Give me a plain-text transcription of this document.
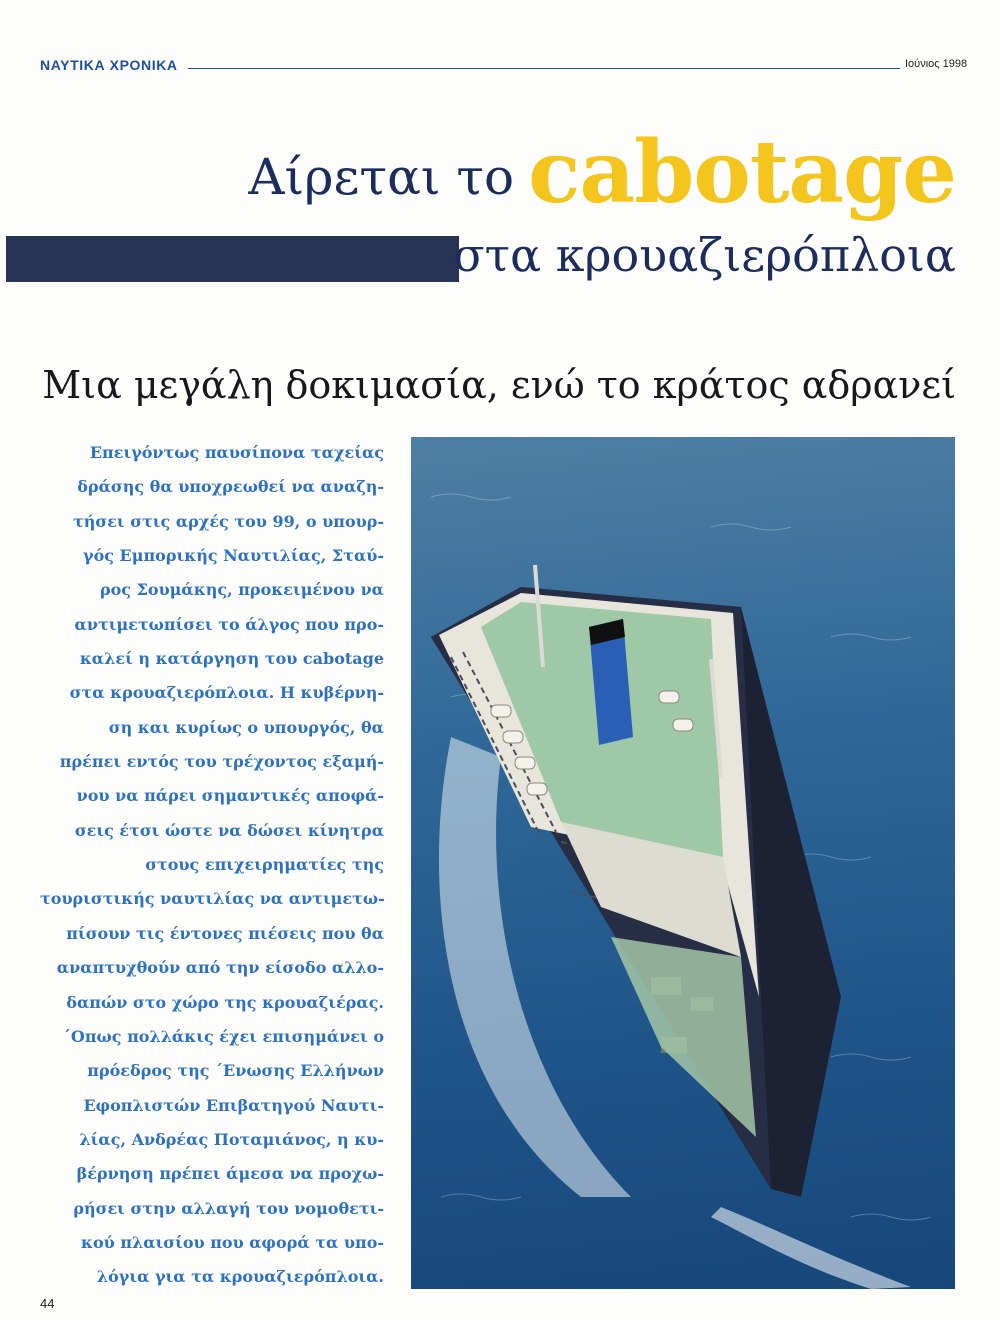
ΝΑΥΤΙΚΑ ΧΡΟΝΙΚΑ	Ιούνιος 1998
Αίρεται το cabotage
στα κρουαζιερόπλοια
Μια μεγάλη δοκιμασία, ενώ το κράτος αδρανεί
Επειγόντως παυσίπονα ταχείας
δράσης θα υποχρεωθεί να αναζη-
τήσει στις αρχές του 99, ο υπουρ-
γός Εμπορικής Ναυτιλίας, Σταύ-
ρος Σουμάκης, προκειμένου να
αντιμετωπίσει το άλγος που προ-
καλεί η κατάργηση του cabotage
στα κρουαζιερόπλοια. Η κυβέρνη-
ση και κυρίως ο υπουργός, θα
πρέπει εντός του τρέχοντος εξαμή-
νου να πάρει σημαντικές αποφά-
σεις έτσι ώστε να δώσει κίνητρα
στους επιχειρηματίες της
τουριστικής ναυτιλίας να αντιμετω-
πίσουν τις έντονες πιέσεις που θα
αναπτυχθούν από την είσοδο αλλο-
δαπών στο χώρο της κρουαζιέρας.
΄Οπως πολλάκις έχει επισημάνει ο
πρόεδρος της ΄Ενωσης Ελλήνων
Εφοπλιστών Επιβατηγού Ναυτι-
λίας, Ανδρέας Ποταμιάνος, η κυ-
βέρνηση πρέπει άμεσα να προχω-
ρήσει στην αλλαγή του νομοθετι-
κού πλαισίου που αφορά τα υπο-
λόγια για τα κρουαζιερόπλοια.
44
